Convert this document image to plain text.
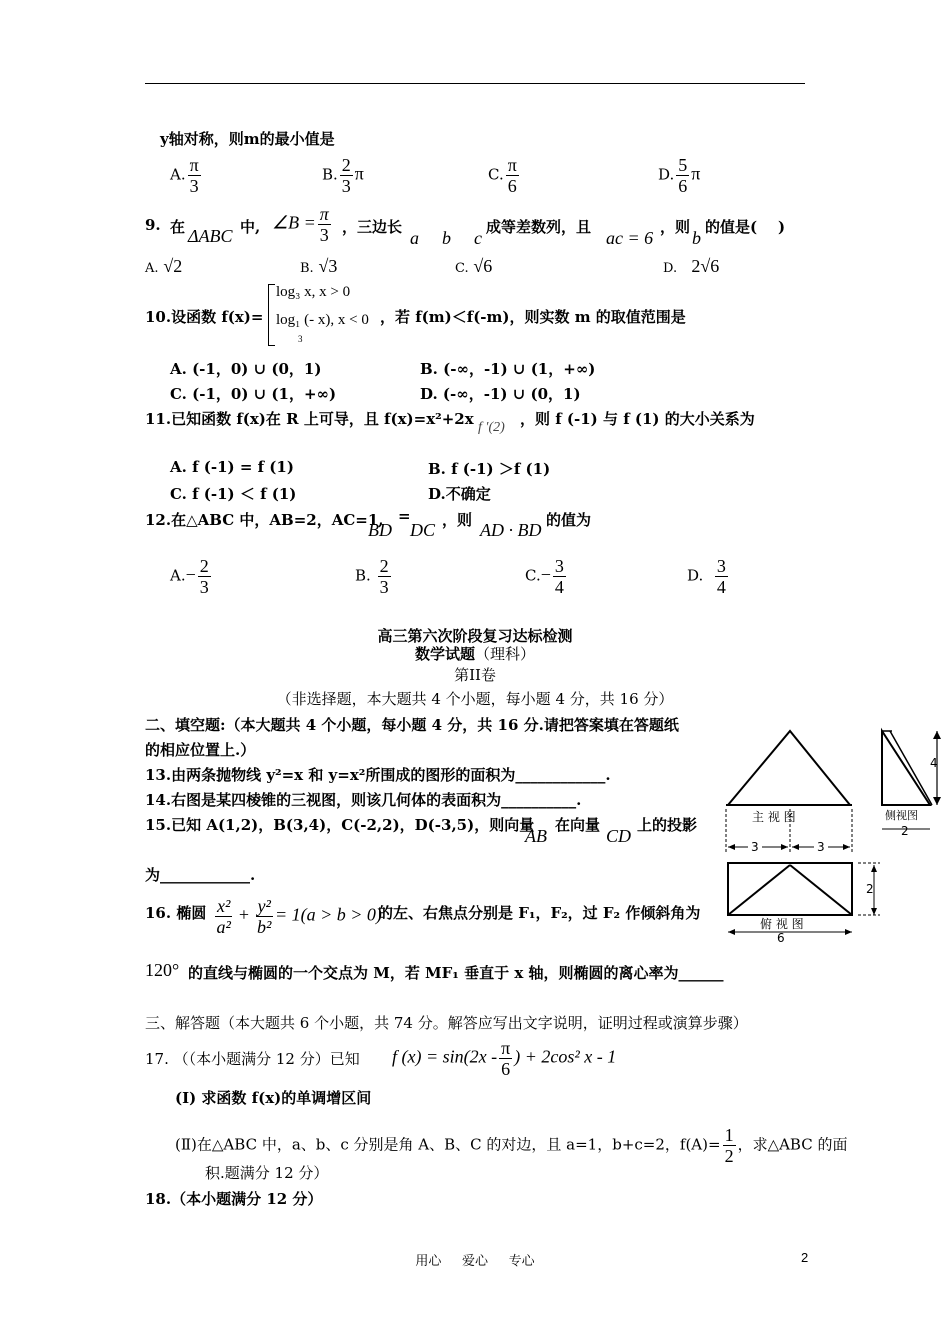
y轴对称，则m的最小值是
A. $\frac{\pi}{3}$	B. $\frac{2}{3}$ π	C. $\frac{\pi}{6}$	D. $\frac{5}{6}$ π
9. 在 ΔABC 中, ∠B = $\frac{\pi}{3}$ ，三边长
a b c
成等差数列，且
ac = 6
，则
b
的值是(    )
A. √2	B. √3	C. √6	D. 2√6
10.设函数 f(x)=
log₃ x, x > 0
log₁ (- x), x < 0
3
，若 f(m)＜f(-m)，则实数 m 的取值范围是
A. (-1，0) ∪ (0，1)	B. (-∞，-1) ∪ (1，+∞)
C. (-1，0) ∪ (1，+∞)	D. (-∞，-1) ∪ (0，1)
11.已知函数 f(x)在 R 上可导，且 f(x)=x²+2x f ′(2) ，则 f (-1) 与 f (1) 的大小关系为
A. f (-1) = f (1)	B. f (-1) ＞f (1)
C. f (-1) ＜ f (1)	D.不确定
12.在△ABC 中，AB=2，AC=1,
BD
=
DC ，则 AD · BD 的值为
$A.- \frac{2}{3}$	B. $\frac{2}{3}$	$C.- \frac{3}{4}$	D. $\frac{3}{4}$
高三第六次阶段复习达标检测
数学试题（理科）
第II卷
（非选择题，本大题共 4 个小题，每小题 4 分，共 16 分）
二、填空题:（本大题共 4 个小题，每小题 4 分，共 16 分.请把答案填在答题纸
的相应位置上.）
13.由两条抛物线 y²=x 和 y=x²所围成的图形的面积为____________.
14.右图是某四棱锥的三视图，则该几何体的表面积为__________.
15.已知 A(1,2)，B(3,4)，C(-2,2)，D(-3,5)，则向量
AB
在向量
CD
上的投影
为____________.
16. 椭圆 $\frac{\text{x²}}{\text{a²}} + \frac{\text{y²}}{\text{b²}} = 1(a > b > 0)$
的左、右焦点分别是 F₁，F₂，过 F₂ 作倾斜角为
120° 的直线与椭圆的一个交点为 M，若 MF₁ 垂直于 x 轴，则椭圆的离心率为______
4
主 视 图	侧视图
2
3	3
2
俯 视 图
6
三、解答题（本大题共 6 个小题，共 74 分。解答应写出文字说明，证明过程或演算步骤）
17. （（本小题满分 12 分）已知 f $(x) = \sin(2x - \frac{\pi}{6}$ ) + 2cos² x - 1
(Ⅰ) 求函数 f(x)的单调增区间
(Ⅱ)在△ABC 中，a、b、c 分别是角 A、B、C 的对边，且 a=1，b+c=2，$f(A)= \frac{1}{2}$ ，求△ABC 的面
积.题满分 12 分）
18.（本小题满分 12 分）
用心     爱心     专心	2
